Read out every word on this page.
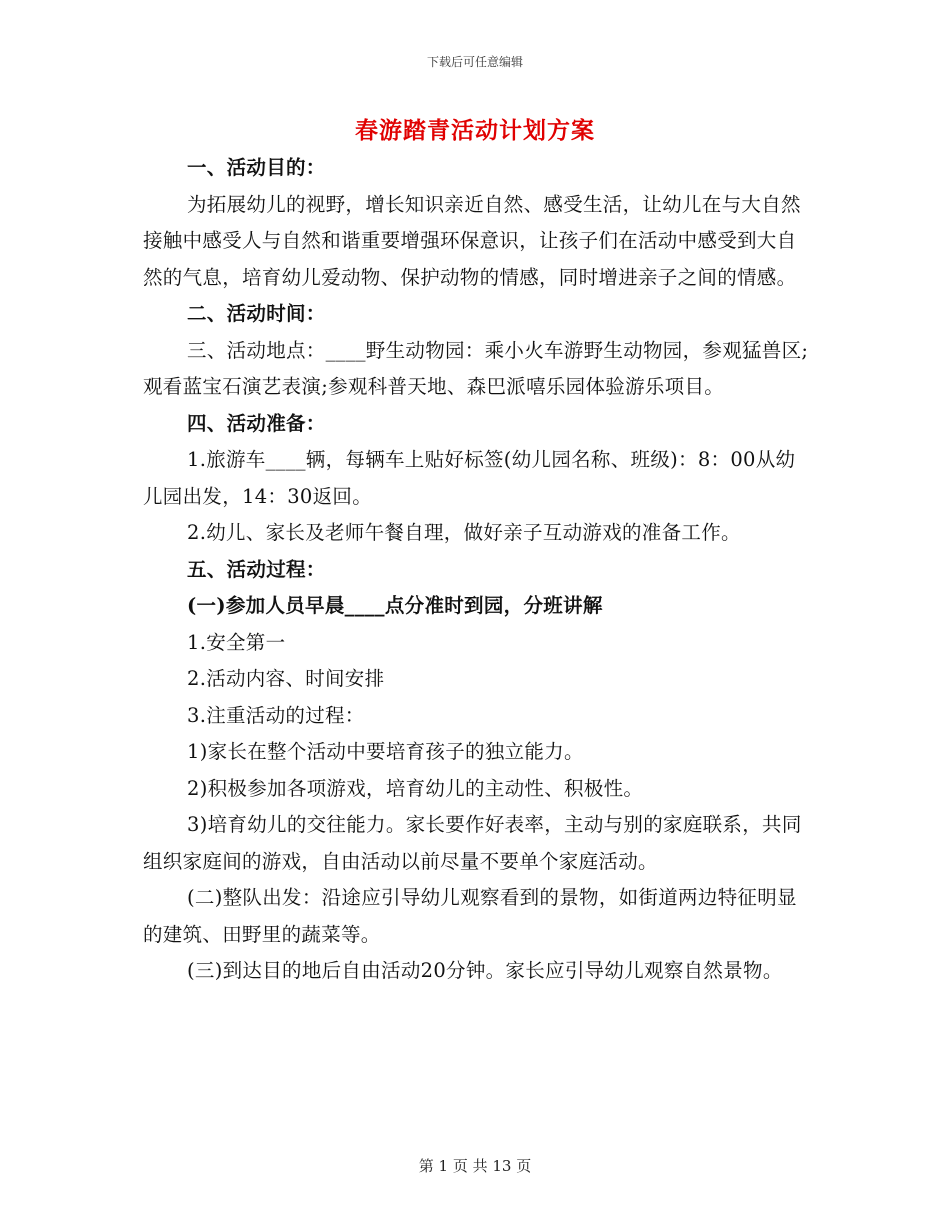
下载后可任意编辑
春游踏青活动计划方案

一、活动目的：

为拓展幼儿的视野，增长知识亲近自然、感受生活，让幼儿在与大自然接触中感受人与自然和谐重要增强环保意识，让孩子们在活动中感受到大自然的气息，培育幼儿爱动物、保护动物的情感，同时增进亲子之间的情感。

二、活动时间：

三、活动地点：____野生动物园：乘小火车游野生动物园，参观猛兽区;观看蓝宝石演艺表演;参观科普天地、森巴派嘻乐园体验游乐项目。

四、活动准备：

1.旅游车____辆，每辆车上贴好标签(幼儿园名称、班级)：8：00从幼儿园出发，14：30返回。

2.幼儿、家长及老师午餐自理，做好亲子互动游戏的准备工作。

五、活动过程：

(一)参加人员早晨____点分准时到园，分班讲解

1.安全第一

2.活动内容、时间安排

3.注重活动的过程：

1)家长在整个活动中要培育孩子的独立能力。

2)积极参加各项游戏，培育幼儿的主动性、积极性。

3)培育幼儿的交往能力。家长要作好表率，主动与别的家庭联系，共同组织家庭间的游戏，自由活动以前尽量不要单个家庭活动。

(二)整队出发：沿途应引导幼儿观察看到的景物，如街道两边特征明显的建筑、田野里的蔬菜等。

(三)到达目的地后自由活动20分钟。家长应引导幼儿观察自然景物。

第 1 页 共 13 页
